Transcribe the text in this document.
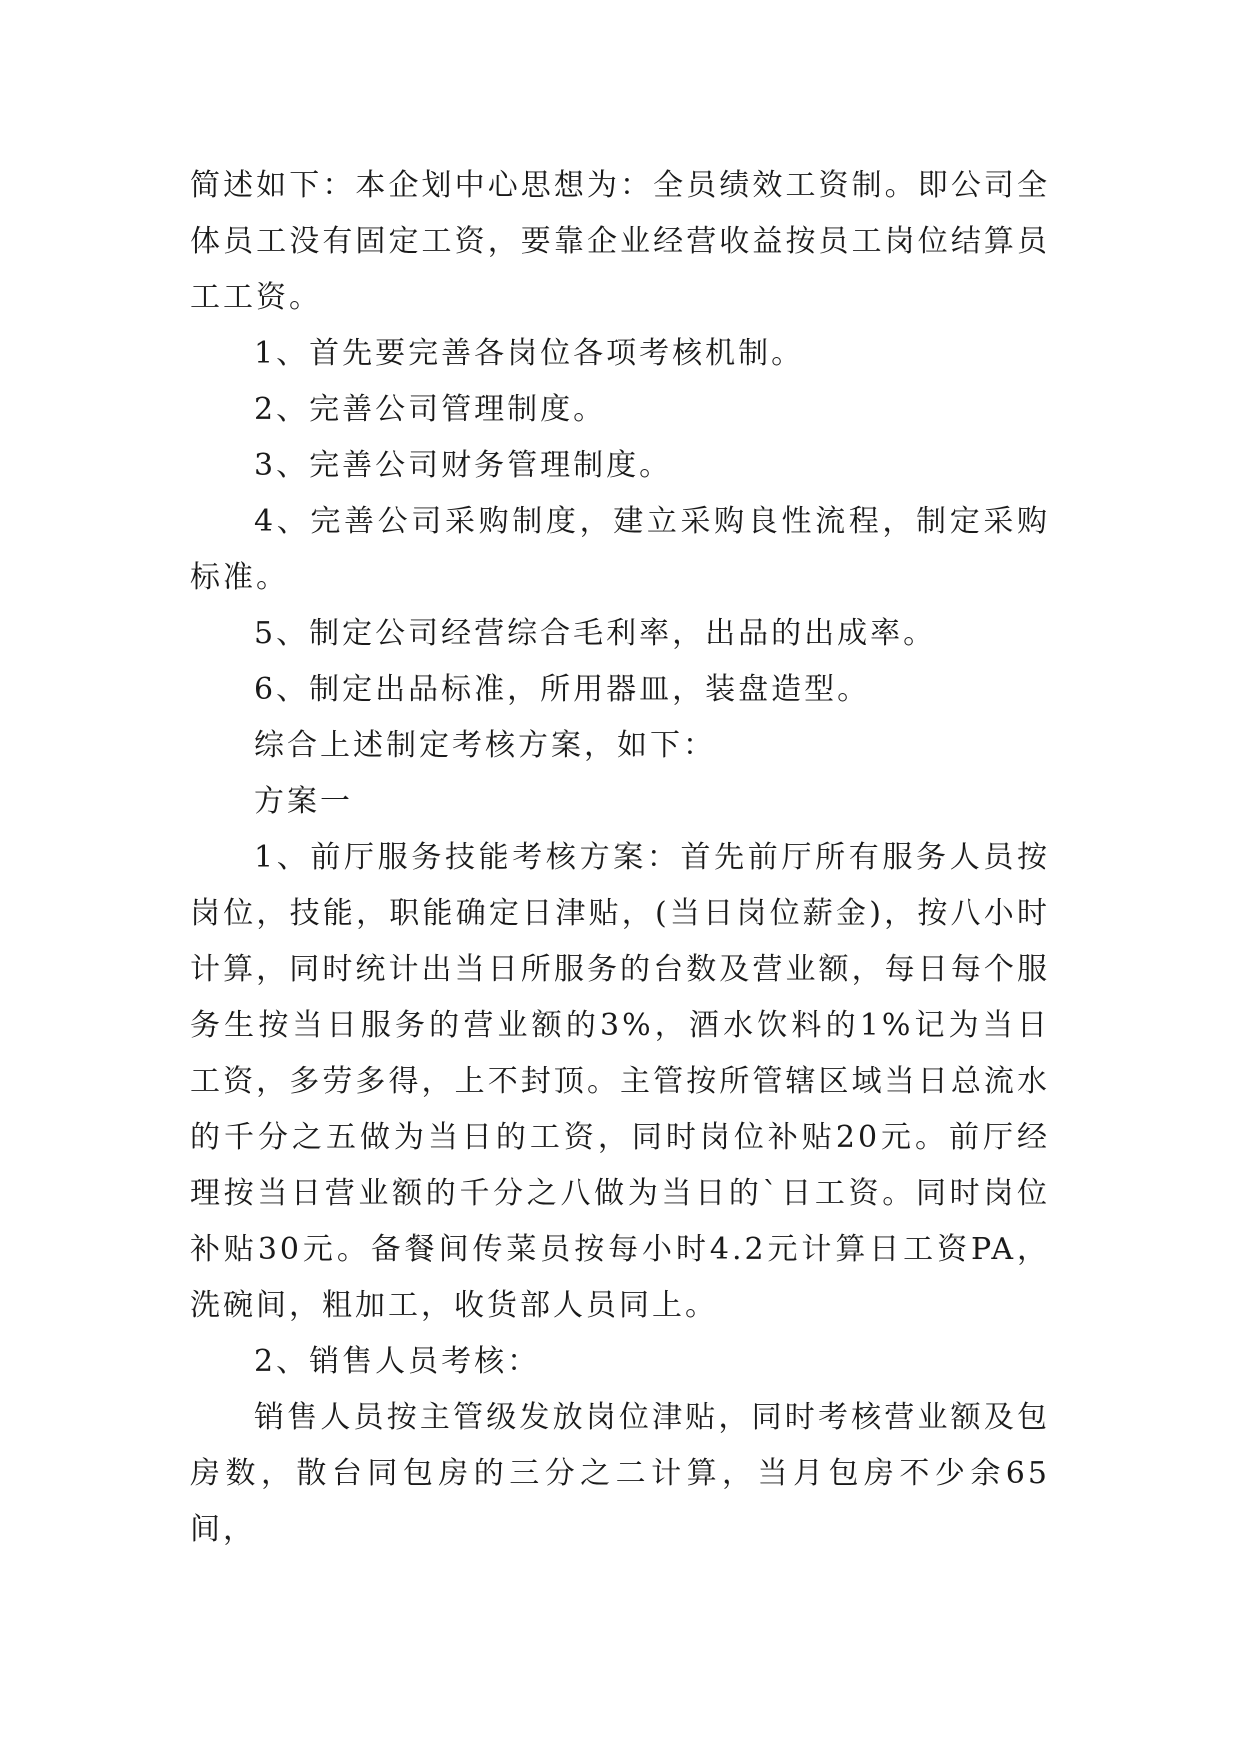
简述如下：本企划中心思想为：全员绩效工资制。即公司全体员工没有固定工资，要靠企业经营收益按员工岗位结算员工工资。

1、首先要完善各岗位各项考核机制。

2、完善公司管理制度。

3、完善公司财务管理制度。

4、完善公司采购制度，建立采购良性流程，制定采购标准。

5、制定公司经营综合毛利率，出品的出成率。

6、制定出品标准，所用器皿，装盘造型。

综合上述制定考核方案，如下：

方案一

1、前厅服务技能考核方案：首先前厅所有服务人员按岗位，技能，职能确定日津贴，(当日岗位薪金)，按八小时计算，同时统计出当日所服务的台数及营业额，每日每个服务生按当日服务的营业额的3%，酒水饮料的1%记为当日工资，多劳多得，上不封顶。主管按所管辖区域当日总流水的千分之五做为当日的工资，同时岗位补贴20元。前厅经理按当日营业额的千分之八做为当日的`日工资。同时岗位补贴30元。备餐间传菜员按每小时4.2元计算日工资PA，洗碗间，粗加工，收货部人员同上。

2、销售人员考核：

销售人员按主管级发放岗位津贴，同时考核营业额及包房数，散台同包房的三分之二计算，当月包房不少余65间，
